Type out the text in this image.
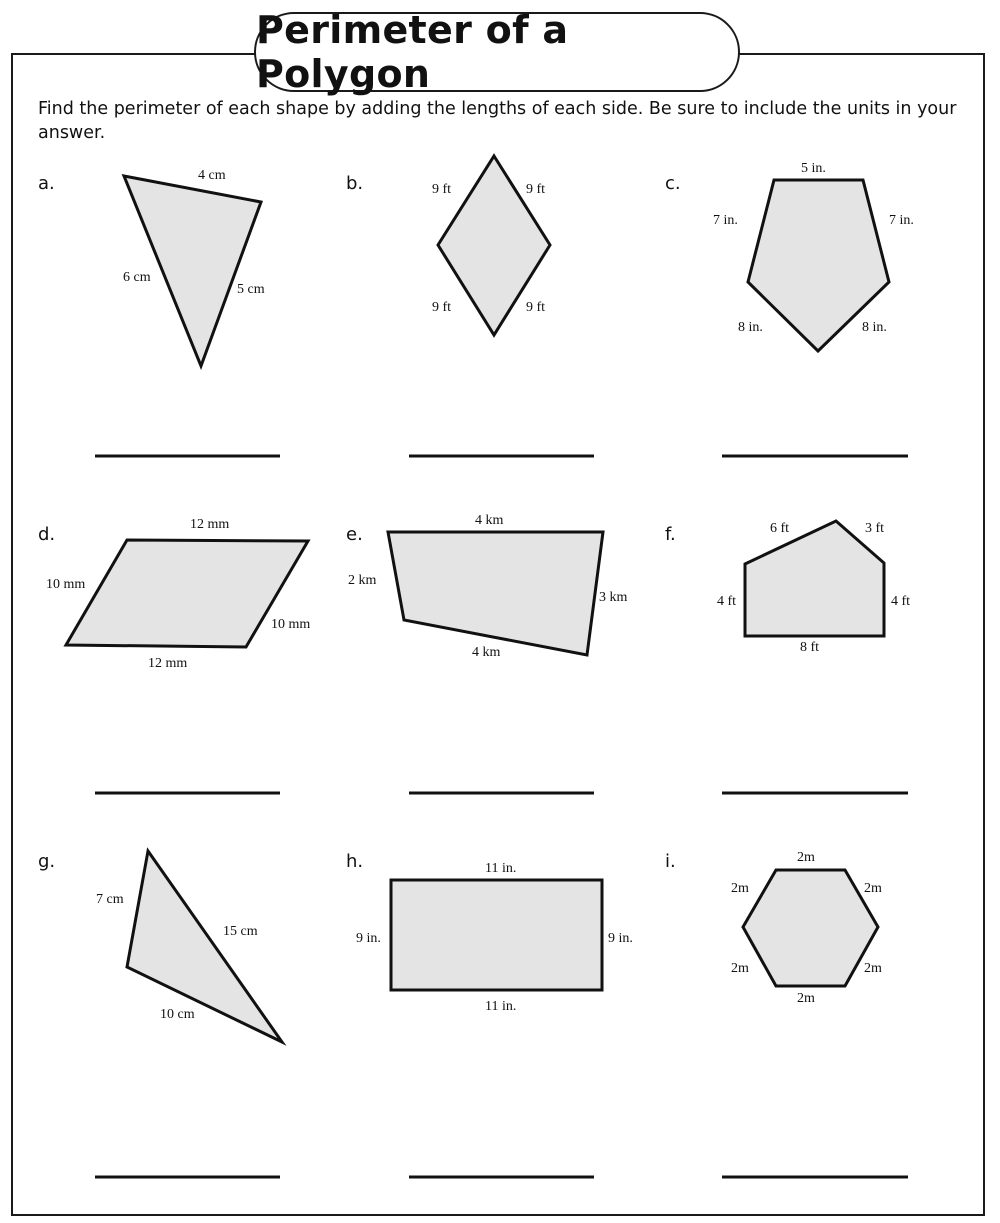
Perimeter of a Polygon

Find the perimeter of each shape by adding the lengths of each side. Be sure to include the units in your answer.

a.	4 cm
6 cm
5 cm
b.	9 ft	9 ft
9 ft	9 ft
c.
5 in.
7 in.	7 in.
8 in.	8 in.
d.	12 mm
10 mm
10 mm
12 mm
e.
4 km
2 km
3 km
4 km
f.	6 ft	3 ft
4 ft	4 ft
8 ft
g.
7 cm
15 cm
10 cm
h.	11 in.
9 in.	9 in.
11 in.
i.	2m
2m	2m
2m	2m
2m
